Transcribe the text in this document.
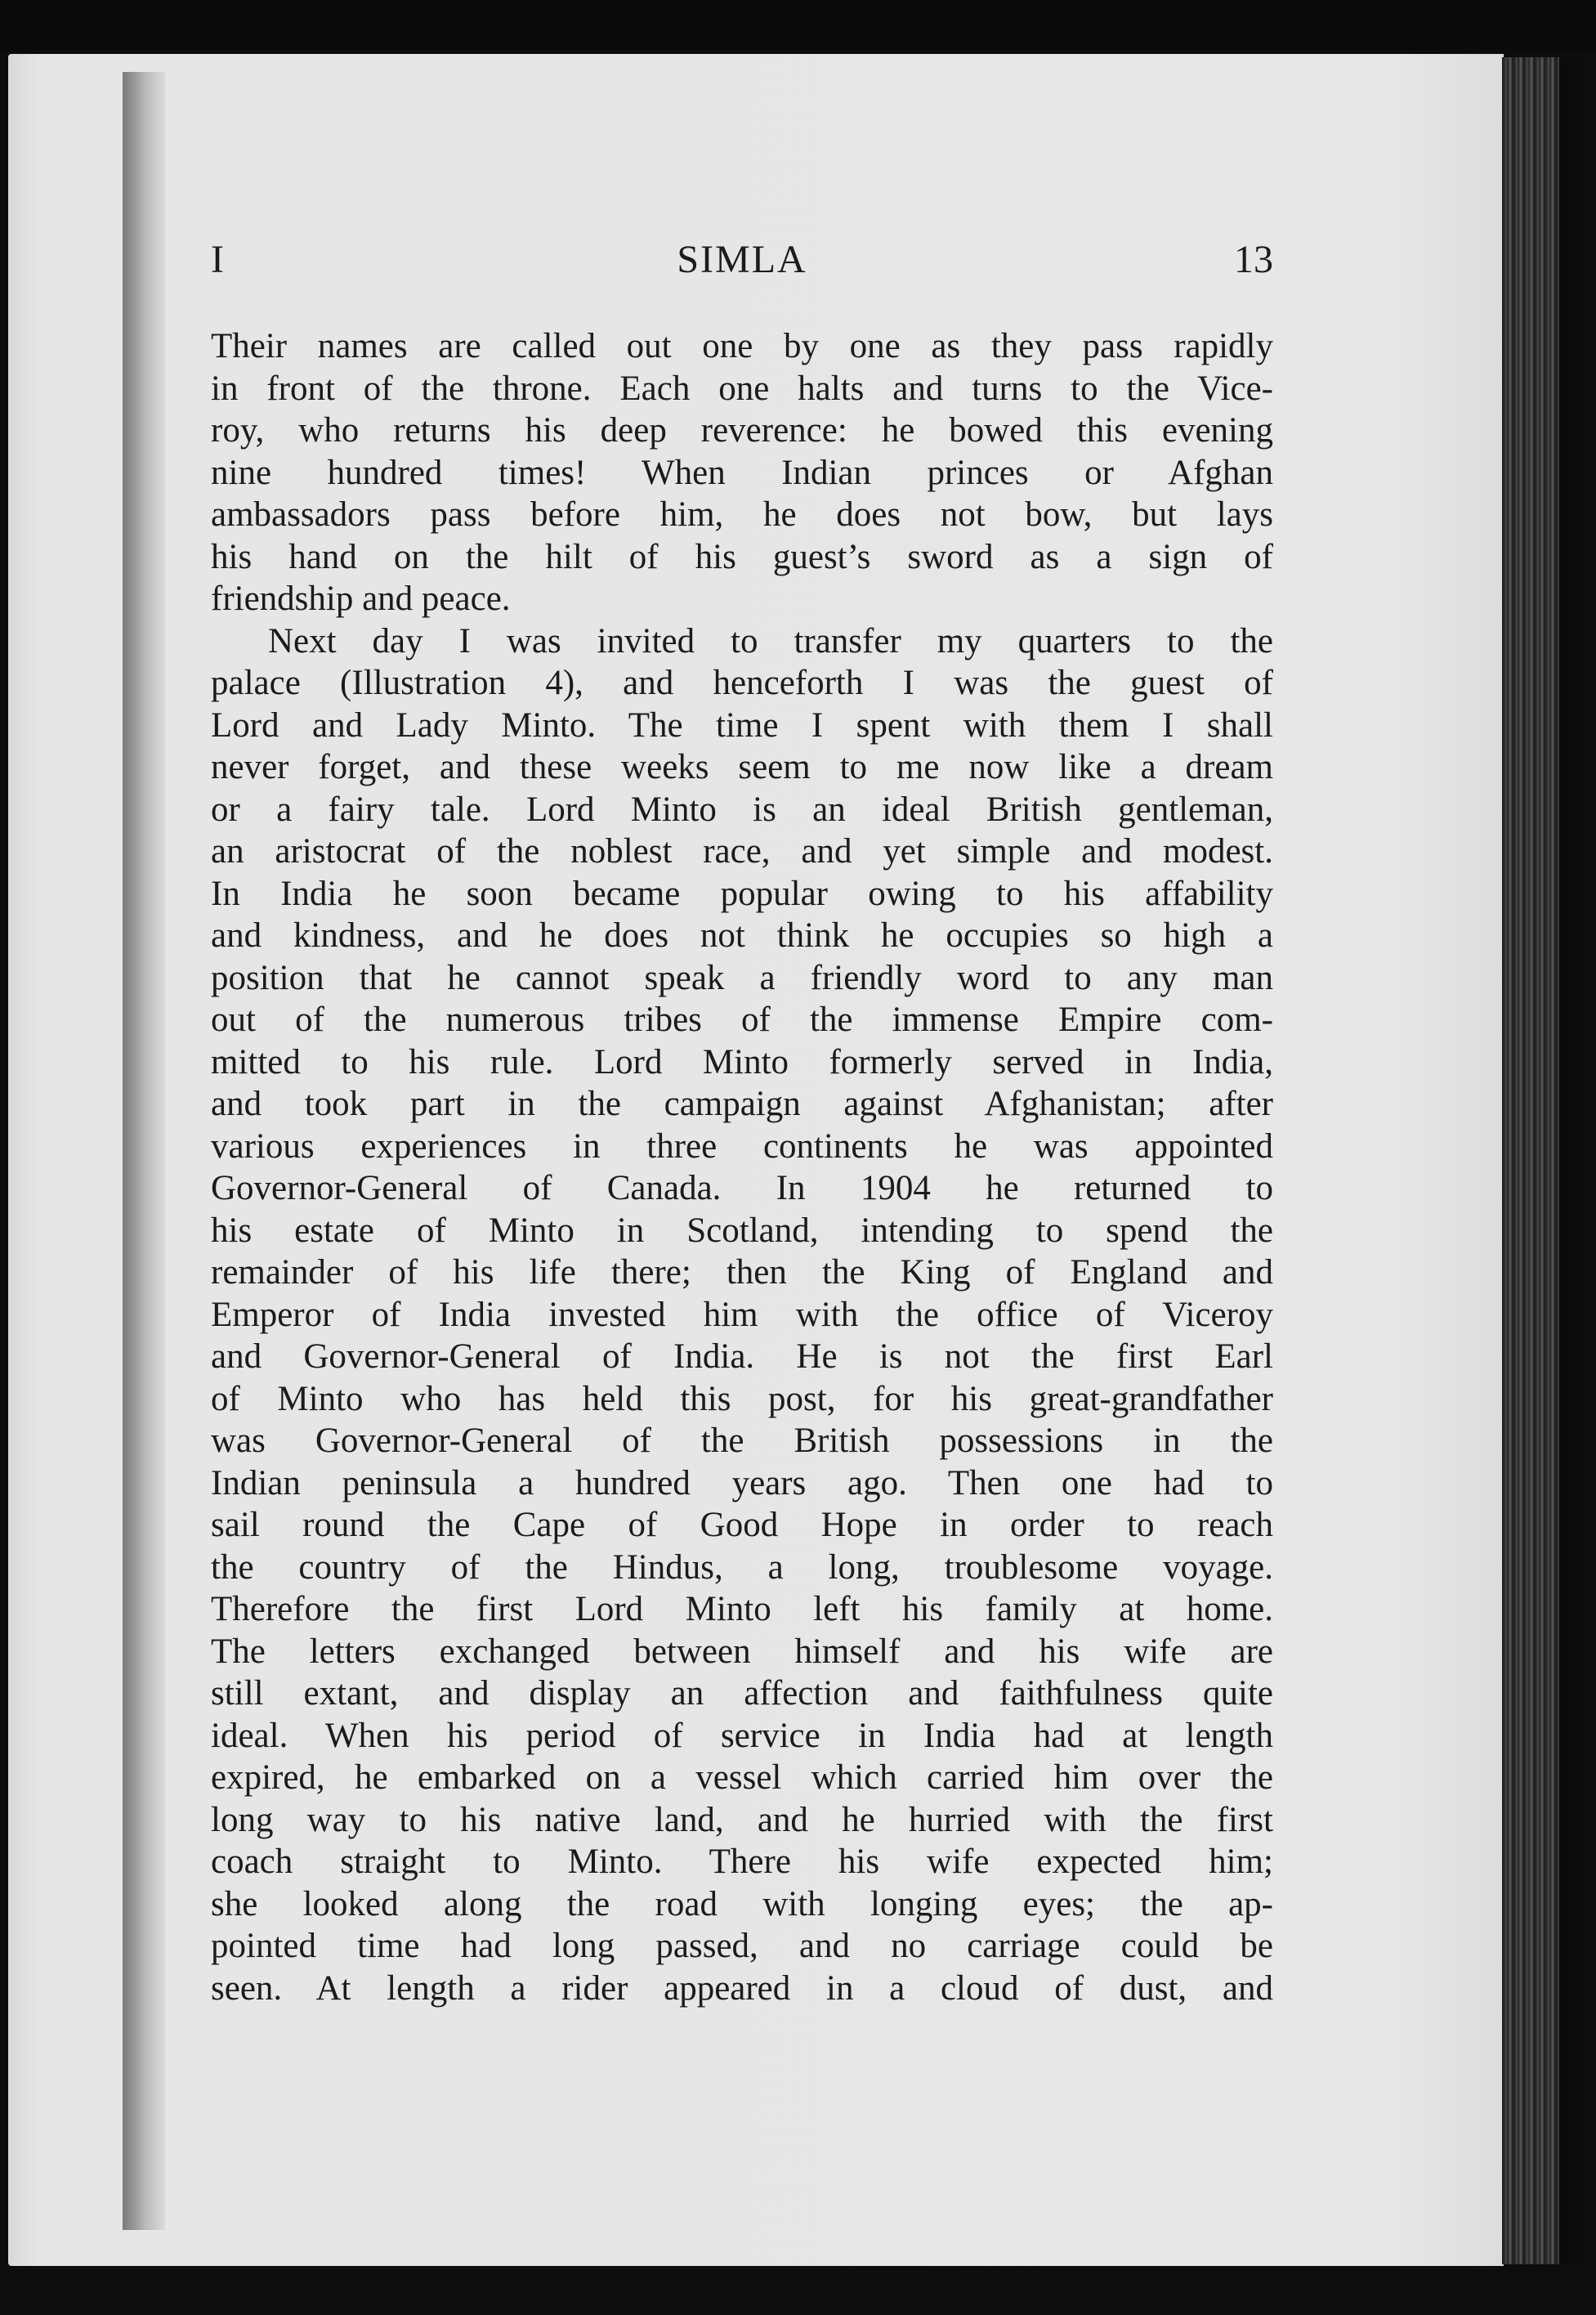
I	SIMLA	13
Their names are called out one by one as they pass rapidly
in front of the throne. Each one halts and turns to the Vice-
roy, who returns his deep reverence: he bowed this evening
nine hundred times! When Indian princes or Afghan
ambassadors pass before him, he does not bow, but lays
his hand on the hilt of his guest’s sword as a sign of
friendship and peace.
Next day I was invited to transfer my quarters to the
palace (Illustration 4), and henceforth I was the guest of
Lord and Lady Minto. The time I spent with them I shall
never forget, and these weeks seem to me now like a dream
or a fairy tale. Lord Minto is an ideal British gentleman,
an aristocrat of the noblest race, and yet simple and modest.
In India he soon became popular owing to his affability
and kindness, and he does not think he occupies so high a
position that he cannot speak a friendly word to any man
out of the numerous tribes of the immense Empire com-
mitted to his rule. Lord Minto formerly served in India,
and took part in the campaign against Afghanistan; after
various experiences in three continents he was appointed
Governor-General of Canada. In 1904 he returned to
his estate of Minto in Scotland, intending to spend the
remainder of his life there; then the King of England and
Emperor of India invested him with the office of Viceroy
and Governor-General of India. He is not the first Earl
of Minto who has held this post, for his great-grandfather
was Governor-General of the British possessions in the
Indian peninsula a hundred years ago. Then one had to
sail round the Cape of Good Hope in order to reach
the country of the Hindus, a long, troublesome voyage.
Therefore the first Lord Minto left his family at home.
The letters exchanged between himself and his wife are
still extant, and display an affection and faithfulness quite
ideal. When his period of service in India had at length
expired, he embarked on a vessel which carried him over the
long way to his native land, and he hurried with the first
coach straight to Minto. There his wife expected him;
she looked along the road with longing eyes; the ap-
pointed time had long passed, and no carriage could be
seen. At length a rider appeared in a cloud of dust, and
